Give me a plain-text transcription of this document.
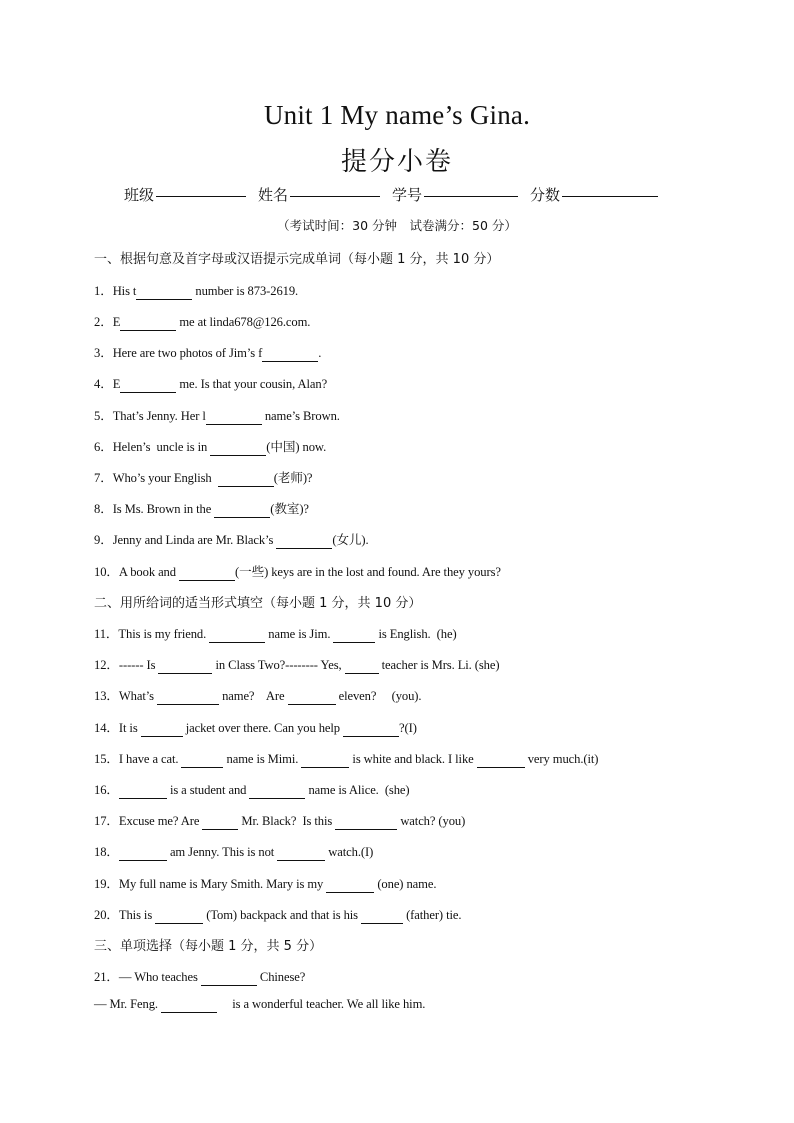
Unit 1 My name’s Gina.
提分小卷
班级	姓名	学号	分数
（考试时间：30 分钟　试卷满分：50 分）
一、根据句意及首字母或汉语提示完成单词（每小题 1 分，共 10 分）
1．His t	number is 873-2619.
2．E	me at linda678@126.com.
3．Here are two photos of Jim’s f	.
4．E	me. Is that your cousin, Alan?
5．That’s Jenny. Her l	name’s Brown.
6．Helen’s  uncle is in	(中国) now.
7．Who’s your English	(老师)?
8．Is Ms. Brown in the	(教室)?
9．Jenny and Linda are Mr. Black’s	(女儿).
10．A book and	(一些) keys are in the lost and found. Are they yours?
二、用所给词的适当形式填空（每小题 1 分，共 10 分）
11．This is my friend.	name is Jim.	is English.  (he)
12．------ Is	in Class Two?-------- Yes,	teacher is Mrs. Li. (she)
13．What’s	name?    Are	eleven?     (you).
14．It is	jacket over there. Can you help	?(I)
15．I have a cat.	name is Mimi.	is white and black. I like	very much.(it)
16．	is a student and	name is Alice.  (she)
17．Excuse me? Are	Mr. Black?  Is this	watch? (you)
18．	am Jenny. This is not	watch.(I)
19．My full name is Mary Smith. Mary is my	(one) name.
20．This is	(Tom) backpack and that is his	(father) tie.
三、单项选择（每小题 1 分，共 5 分）
21．— Who teaches	Chinese?
— Mr. Feng.	is a wonderful teacher. We all like him.
